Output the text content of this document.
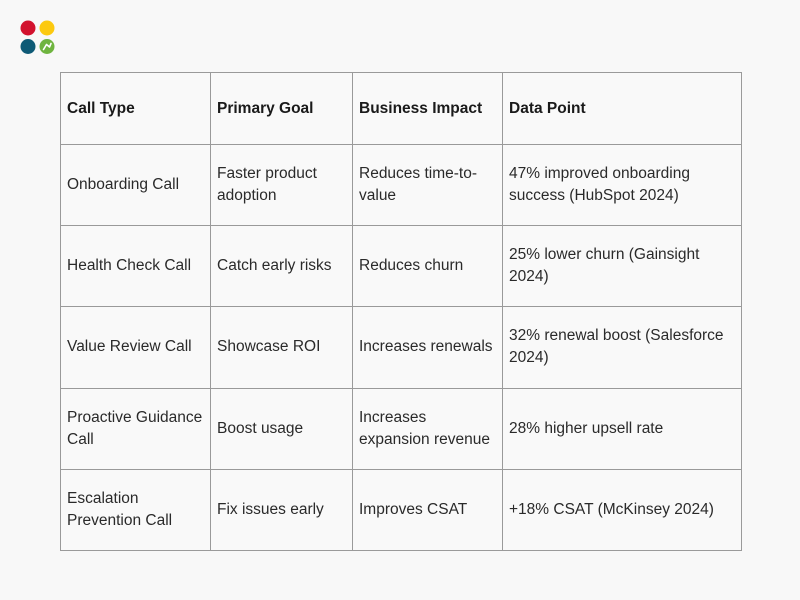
Call Type	Primary Goal	Business Impact	Data Point
Onboarding Call	Faster product adoption	Reduces time-to-value	47% improved onboarding success (HubSpot 2024)
Health Check Call	Catch early risks	Reduces churn	25% lower churn (Gainsight 2024)
Value Review Call	Showcase ROI	Increases renewals	32% renewal boost (Salesforce 2024)
Proactive Guidance Call	Boost usage	Increases expansion revenue	28% higher upsell rate
Escalation Prevention Call	Fix issues early	Improves CSAT	+18% CSAT (McKinsey 2024)
